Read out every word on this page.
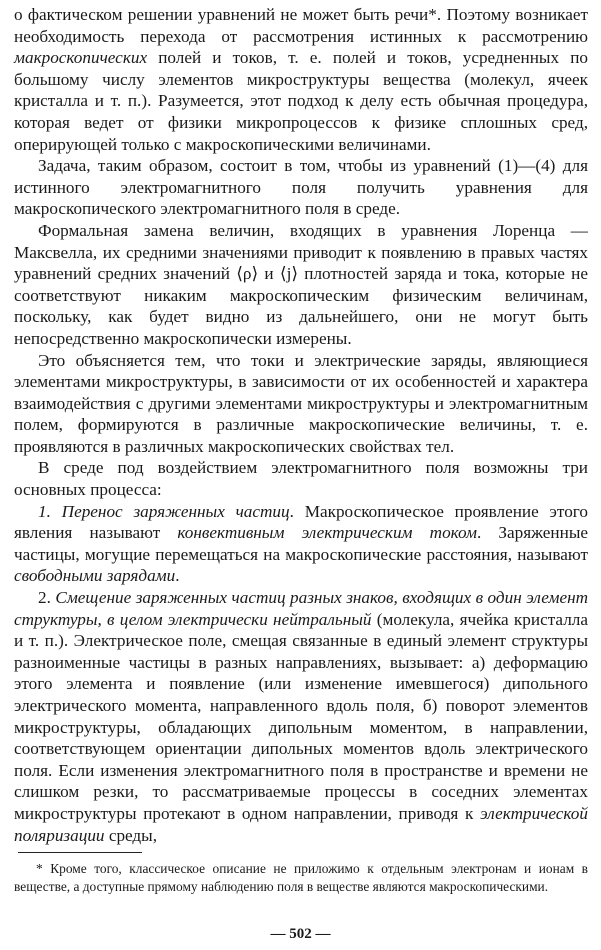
о фактическом решении уравнений не может быть речи*. Поэтому возникает необходимость перехода от рассмотрения истинных к рассмотрению макроскопических полей и токов, т. е. полей и токов, усредненных по большому числу элементов микроструктуры вещества (молекул, ячеек кристалла и т. п.). Разумеется, этот подход к делу есть обычная процедура, которая ведет от физики микропроцессов к физике сплошных сред, оперирующей только с макроскопическими величинами.

Задача, таким образом, состоит в том, чтобы из уравнений (1)—(4) для истинного электромагнитного поля получить уравнения для макроскопического электромагнитного поля в среде.

Формальная замена величин, входящих в уравнения Лоренца — Максвелла, их средними значениями приводит к появлению в правых частях уравнений средних значений ⟨ρ⟩ и ⟨j⟩ плотностей заряда и тока, которые не соответствуют никаким макроскопическим физическим величинам, поскольку, как будет видно из дальнейшего, они не могут быть непосредственно макроскопически измерены.

Это объясняется тем, что токи и электрические заряды, являющиеся элементами микроструктуры, в зависимости от их особенностей и характера взаимодействия с другими элементами микроструктуры и электромагнитным полем, формируются в различные макроскопические величины, т. е. проявляются в различных макроскопических свойствах тел.

В среде под воздействием электромагнитного поля возможны три основных процесса:

1. Перенос заряженных частиц. Макроскопическое проявление этого явления называют конвективным электрическим током. Заряженные частицы, могущие перемещаться на макроскопические расстояния, называют свободными зарядами.

2. Смещение заряженных частиц разных знаков, входящих в один элемент структуры, в целом электрически нейтральный (молекула, ячейка кристалла и т. п.). Электрическое поле, смещая связанные в единый элемент структуры разноименные частицы в разных направлениях, вызывает: а) деформацию этого элемента и появление (или изменение имевшегося) дипольного электрического момента, направленного вдоль поля, б) поворот элементов микроструктуры, обладающих дипольным моментом, в направлении, соответствующем ориентации дипольных моментов вдоль электрического поля. Если изменения электромагнитного поля в пространстве и времени не слишком резки, то рассматриваемые процессы в соседних элементах микроструктуры протекают в одном направлении, приводя к электрической поляризации среды,

* Кроме того, классическое описание не приложимо к отдельным электронам и ионам в веществе, а доступные прямому наблюдению поля в веществе являются макроскопическими.

— 502 —
